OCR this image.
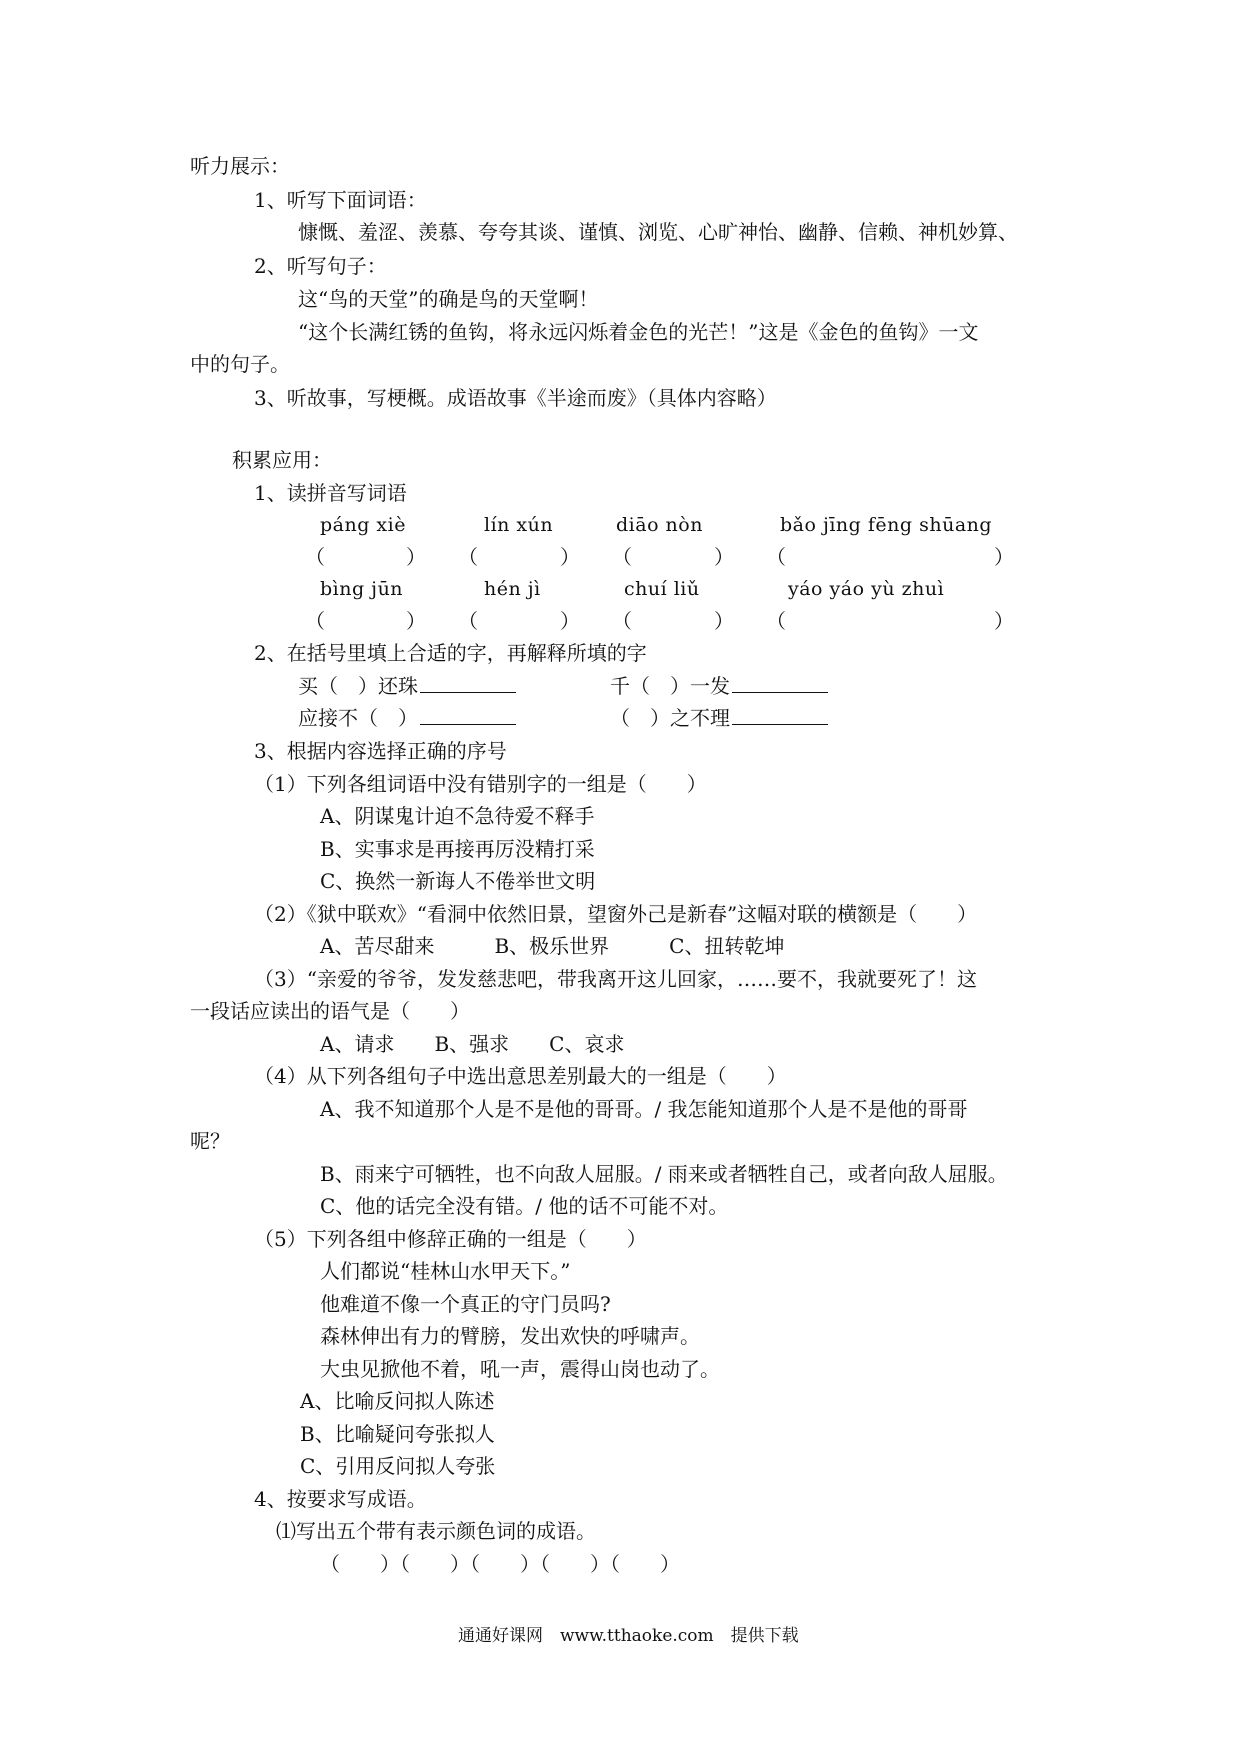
听力展示：
1、听写下面词语：
慷慨、羞涩、羡慕、夸夸其谈、谨慎、浏览、心旷神怡、幽静、信赖、神机妙算、
2、听写句子：
这“鸟的天堂”的确是鸟的天堂啊！
“这个长满红锈的鱼钩，将永远闪烁着金色的光芒！”这是《金色的鱼钩》一文
中的句子。
3、听故事，写梗概。成语故事《半途而废》（具体内容略）
积累应用：
1、读拼音写词语
páng xiè	lín xún	diāo nòn	bǎo jīng fēng shūang
（	） （	） （	） （	）
bìng jūn	hén jì	chuí liǔ	yáo yáo yù zhuì
（	） （	） （	） （	）
2、在括号里填上合适的字，再解释所填的字
买（　）还珠	千（　）一发
应接不（　）	（　）之不理
3、根据内容选择正确的序号
（1）下列各组词语中没有错别字的一组是（　　）
A、阴谋鬼计迫不急待爱不释手
B、实事求是再接再厉没精打采
C、换然一新诲人不倦举世文明
（2）《狱中联欢》“看洞中依然旧景，望窗外己是新春”这幅对联的横额是（　　）
A、苦尽甜来　　　B、极乐世界　　　C、扭转乾坤
（3）“亲爱的爷爷，发发慈悲吧，带我离开这儿回家，……要不，我就要死了！这
一段话应读出的语气是（　　）
A、请求　　B、强求　　C、哀求
（4）从下列各组句子中选出意思差别最大的一组是（　　）
A、我不知道那个人是不是他的哥哥。/ 我怎能知道那个人是不是他的哥哥
呢？
B、雨来宁可牺牲，也不向敌人屈服。/ 雨来或者牺牲自己，或者向敌人屈服。
C、他的话完全没有错。/ 他的话不可能不对。
（5）下列各组中修辞正确的一组是（　　）
人们都说“桂林山水甲天下。”
他难道不像一个真正的守门员吗?
森林伸出有力的臂膀，发出欢快的呼啸声。
大虫见掀他不着，吼一声，震得山岗也动了。
A、比喻反问拟人陈述
B、比喻疑问夸张拟人
C、引用反问拟人夸张
4、按要求写成语。
⑴写出五个带有表示颜色词的成语。
（　　）（　　）（　　）（　　）（　　）
通通好课网　www.tthaoke.com　提供下载
